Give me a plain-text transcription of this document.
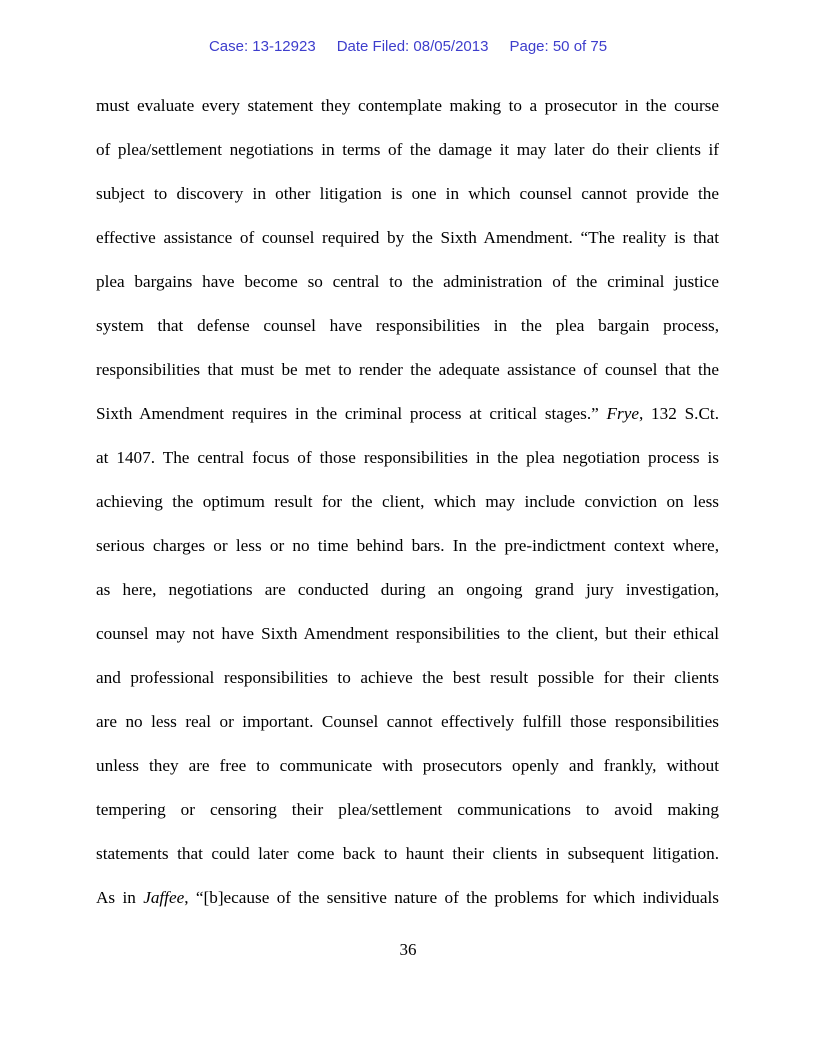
Case: 13-12923 Date Filed: 08/05/2013 Page: 50 of 75
must evaluate every statement they contemplate making to a prosecutor in the course
of plea/settlement negotiations in terms of the damage it may later do their clients if
subject to discovery in other litigation is one in which counsel cannot provide the
effective assistance of counsel required by the Sixth Amendment. “The reality is that
plea bargains have become so central to the administration of the criminal justice
system that defense counsel have responsibilities in the plea bargain process,
responsibilities that must be met to render the adequate assistance of counsel that the
Sixth Amendment requires in the criminal process at critical stages.” Frye, 132 S.Ct.
at 1407. The central focus of those responsibilities in the plea negotiation process is
achieving the optimum result for the client, which may include conviction on less
serious charges or less or no time behind bars. In the pre-indictment context where,
as here, negotiations are conducted during an ongoing grand jury investigation,
counsel may not have Sixth Amendment responsibilities to the client, but their ethical
and professional responsibilities to achieve the best result possible for their clients
are no less real or important. Counsel cannot effectively fulfill those responsibilities
unless they are free to communicate with prosecutors openly and frankly, without
tempering or censoring their plea/settlement communications to avoid making
statements that could later come back to haunt their clients in subsequent litigation.
As in Jaffee, “[b]ecause of the sensitive nature of the problems for which individuals
36
